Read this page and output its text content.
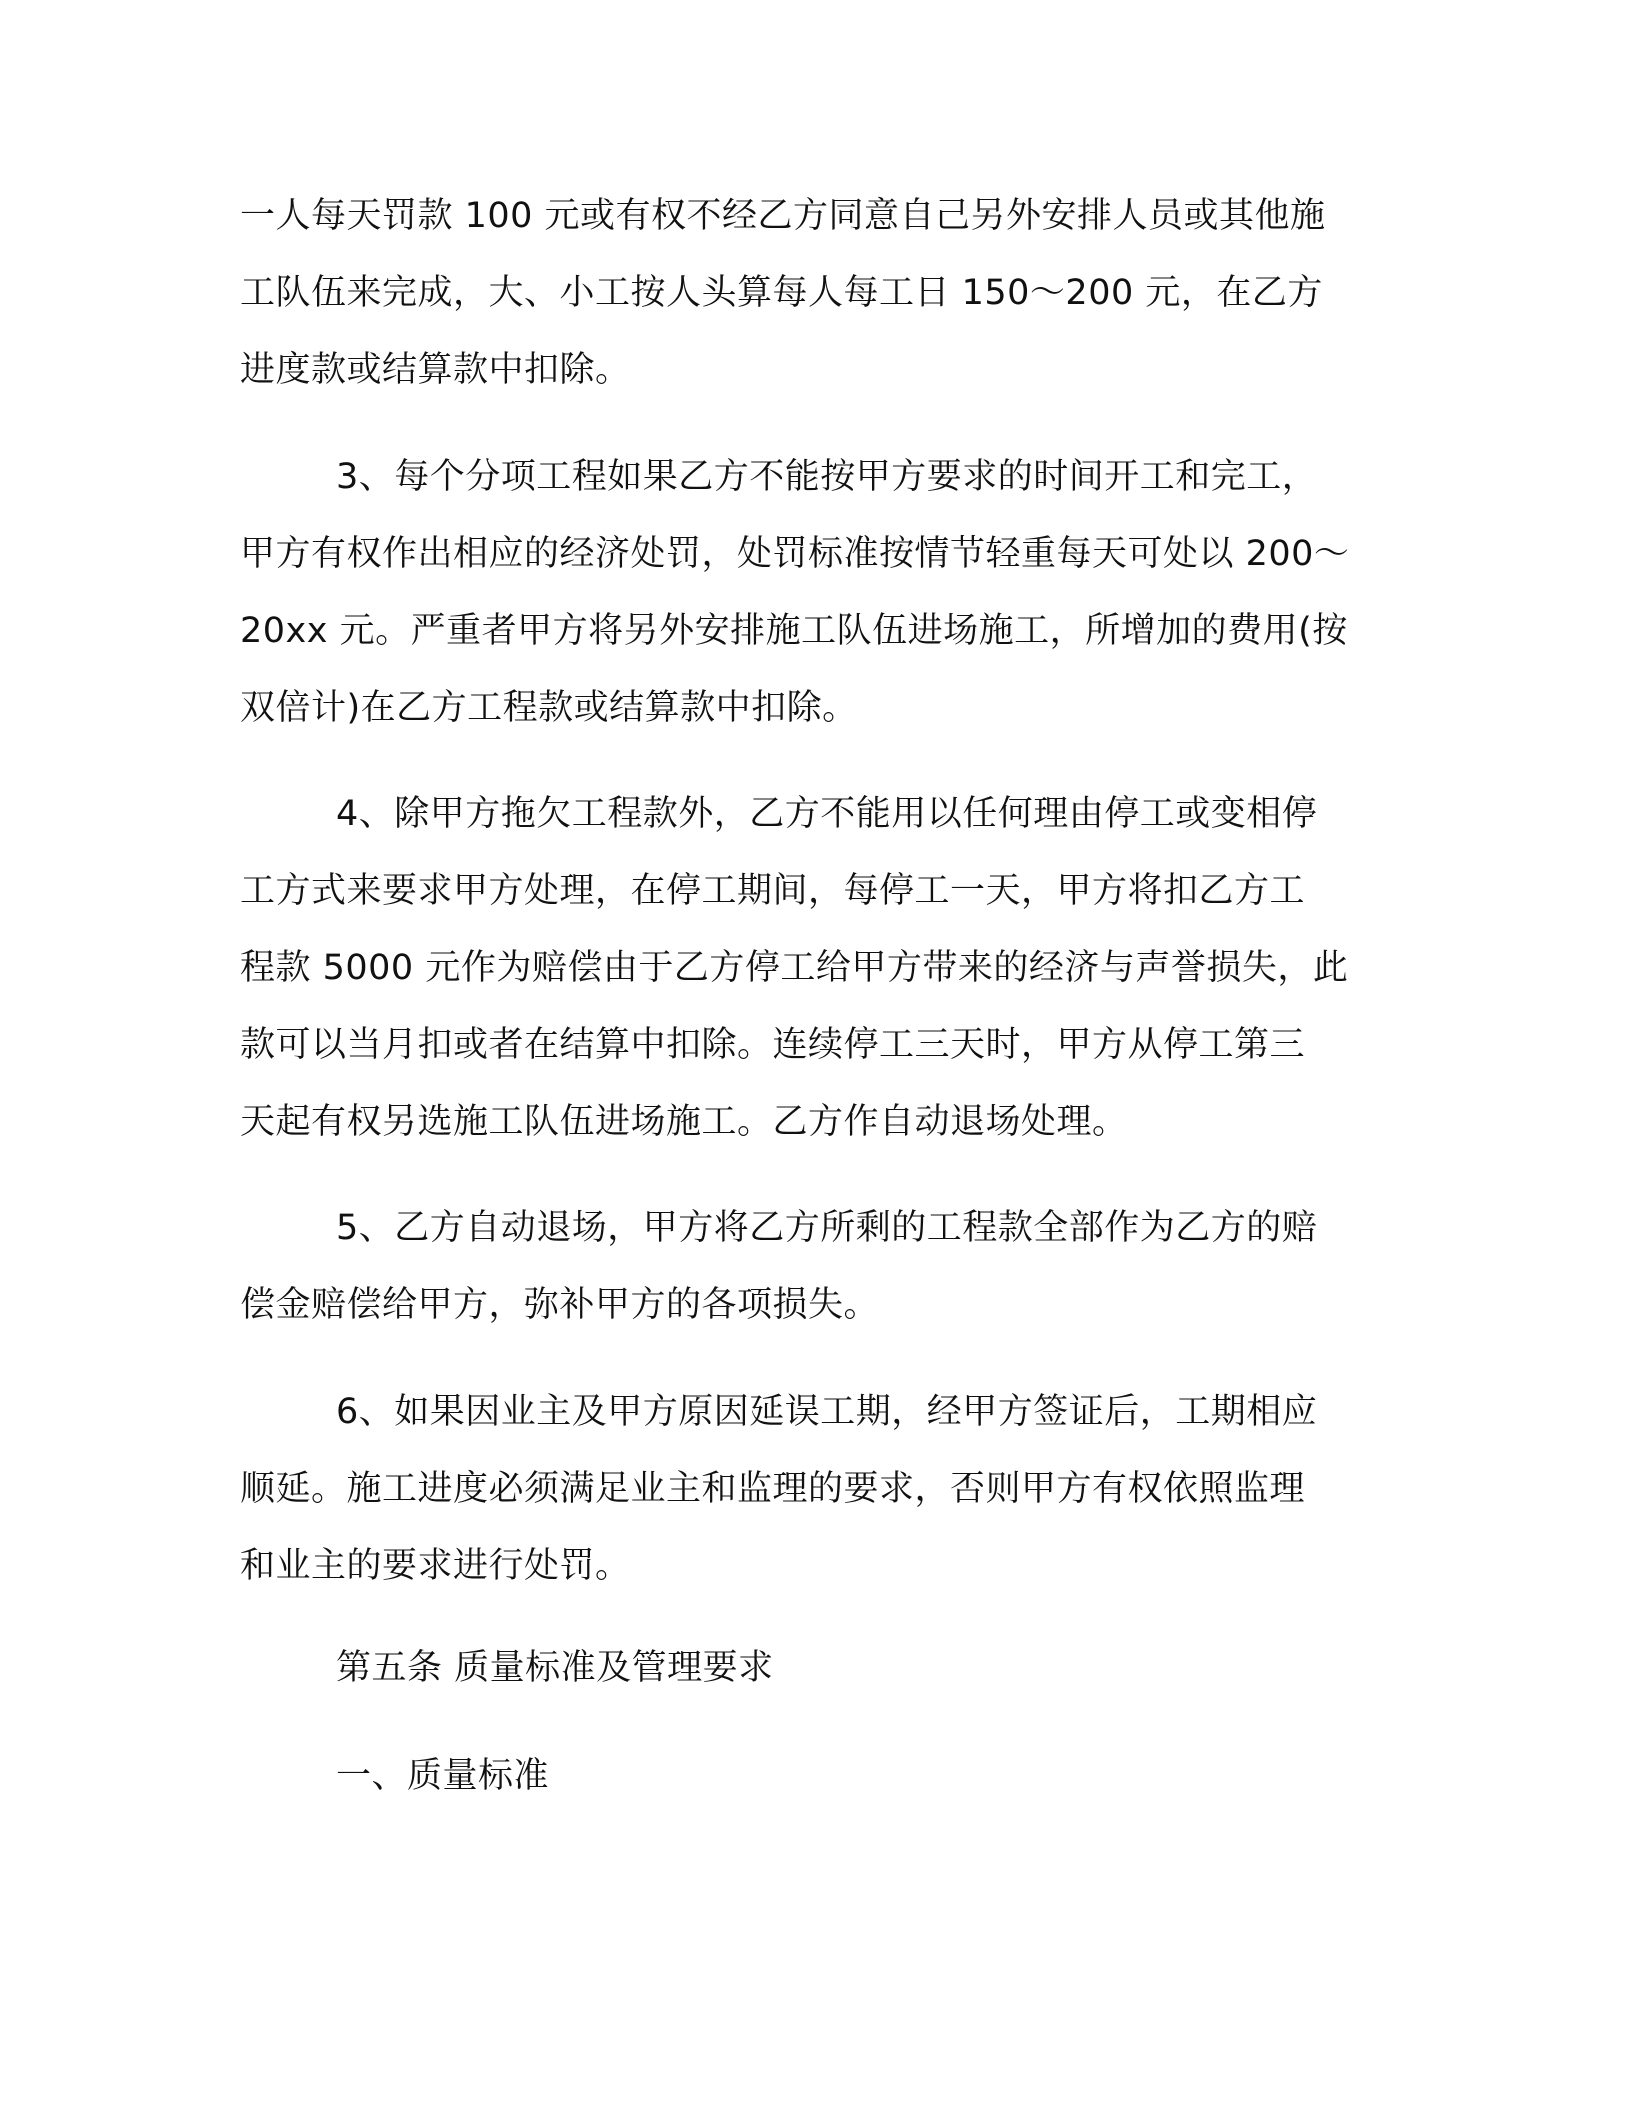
一人每天罚款 100 元或有权不经乙方同意自己另外安排人员或其他施
工队伍来完成，大、小工按人头算每人每工日 150～200 元，在乙方
进度款或结算款中扣除。
3、每个分项工程如果乙方不能按甲方要求的时间开工和完工，
甲方有权作出相应的经济处罚，处罚标准按情节轻重每天可处以 200～
20xx 元。严重者甲方将另外安排施工队伍进场施工，所增加的费用(按
双倍计)在乙方工程款或结算款中扣除。
4、除甲方拖欠工程款外，乙方不能用以任何理由停工或变相停
工方式来要求甲方处理，在停工期间，每停工一天，甲方将扣乙方工
程款 5000 元作为赔偿由于乙方停工给甲方带来的经济与声誉损失，此
款可以当月扣或者在结算中扣除。连续停工三天时，甲方从停工第三
天起有权另选施工队伍进场施工。乙方作自动退场处理。
5、乙方自动退场，甲方将乙方所剩的工程款全部作为乙方的赔
偿金赔偿给甲方，弥补甲方的各项损失。
6、如果因业主及甲方原因延误工期，经甲方签证后，工期相应
顺延。施工进度必须满足业主和监理的要求，否则甲方有权依照监理
和业主的要求进行处罚。
第五条 质量标准及管理要求
一、质量标准
